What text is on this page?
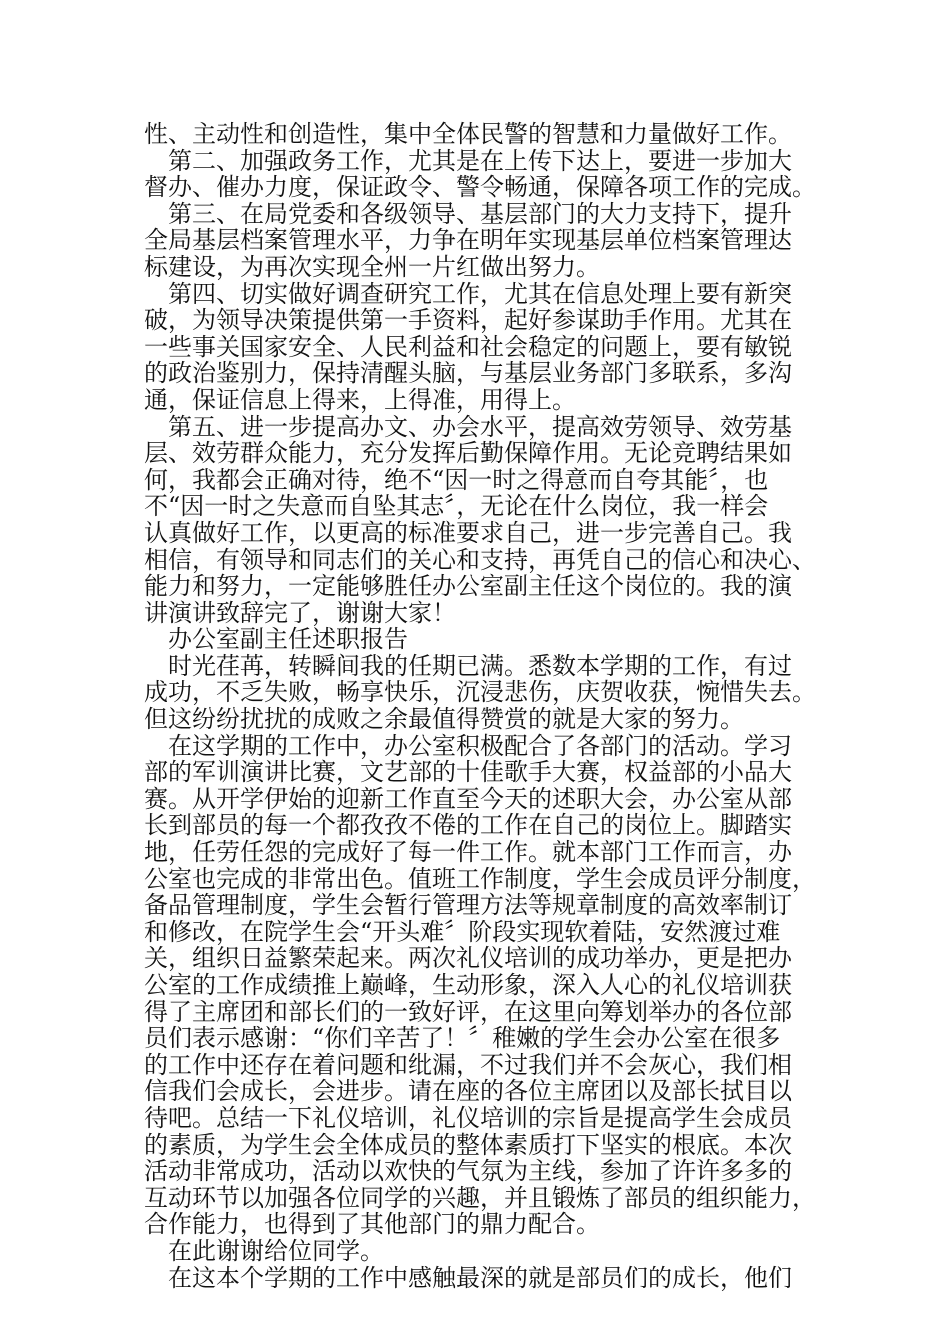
性、主动性和创造性，集中全体民警的智慧和力量做好工作。
第二、加强政务工作，尤其是在上传下达上，要进一步加大
督办、催办力度，保证政令、警令畅通，保障各项工作的完成。
第三、在局党委和各级领导、基层部门的大力支持下，提升
全局基层档案管理水平，力争在明年实现基层单位档案管理达
标建设，为再次实现全州一片红做出努力。
第四、切实做好调查研究工作，尤其在信息处理上要有新突
破，为领导决策提供第一手资料，起好参谋助手作用。尤其在
一些事关国家安全、人民利益和社会稳定的问题上，要有敏锐
的政治鉴别力，保持清醒头脑，与基层业务部门多联系，多沟
通，保证信息上得来，上得准，用得上。
第五、进一步提高办文、办会水平，提高效劳领导、效劳基
层、效劳群众能力，充分发挥后勤保障作用。无论竞聘结果如
何，我都会正确对待，绝不“因一时之得意而自夸其能〞，也
不“因一时之失意而自坠其志〞，无论在什么岗位，我一样会
认真做好工作，以更高的标准要求自己，进一步完善自己。我
相信，有领导和同志们的关心和支持，再凭自己的信心和决心、
能力和努力，一定能够胜任办公室副主任这个岗位的。我的演
讲演讲致辞完了，谢谢大家！
办公室副主任述职报告
时光荏苒，转瞬间我的任期已满。悉数本学期的工作，有过
成功，不乏失败，畅享快乐，沉浸悲伤，庆贺收获，惋惜失去。
但这纷纷扰扰的成败之余最值得赞赏的就是大家的努力。
在这学期的工作中，办公室积极配合了各部门的活动。学习
部的军训演讲比赛，文艺部的十佳歌手大赛，权益部的小品大
赛。从开学伊始的迎新工作直至今天的述职大会，办公室从部
长到部员的每一个都孜孜不倦的工作在自己的岗位上。脚踏实
地，任劳任怨的完成好了每一件工作。就本部门工作而言，办
公室也完成的非常出色。值班工作制度，学生会成员评分制度，
备品管理制度，学生会暂行管理方法等规章制度的高效率制订
和修改，在院学生会“开头难〞阶段实现软着陆，安然渡过难
关，组织日益繁荣起来。两次礼仪培训的成功举办，更是把办
公室的工作成绩推上巅峰，生动形象，深入人心的礼仪培训获
得了主席团和部长们的一致好评，在这里向筹划举办的各位部
员们表示感谢：“你们辛苦了！〞稚嫩的学生会办公室在很多
的工作中还存在着问题和纰漏，不过我们并不会灰心，我们相
信我们会成长，会进步。请在座的各位主席团以及部长拭目以
待吧。总结一下礼仪培训，礼仪培训的宗旨是提高学生会成员
的素质，为学生会全体成员的整体素质打下坚实的根底。本次
活动非常成功，活动以欢快的气氛为主线，参加了许许多多的
互动环节以加强各位同学的兴趣，并且锻炼了部员的组织能力，
合作能力，也得到了其他部门的鼎力配合。
在此谢谢给位同学。
在这本个学期的工作中感触最深的就是部员们的成长，他们
